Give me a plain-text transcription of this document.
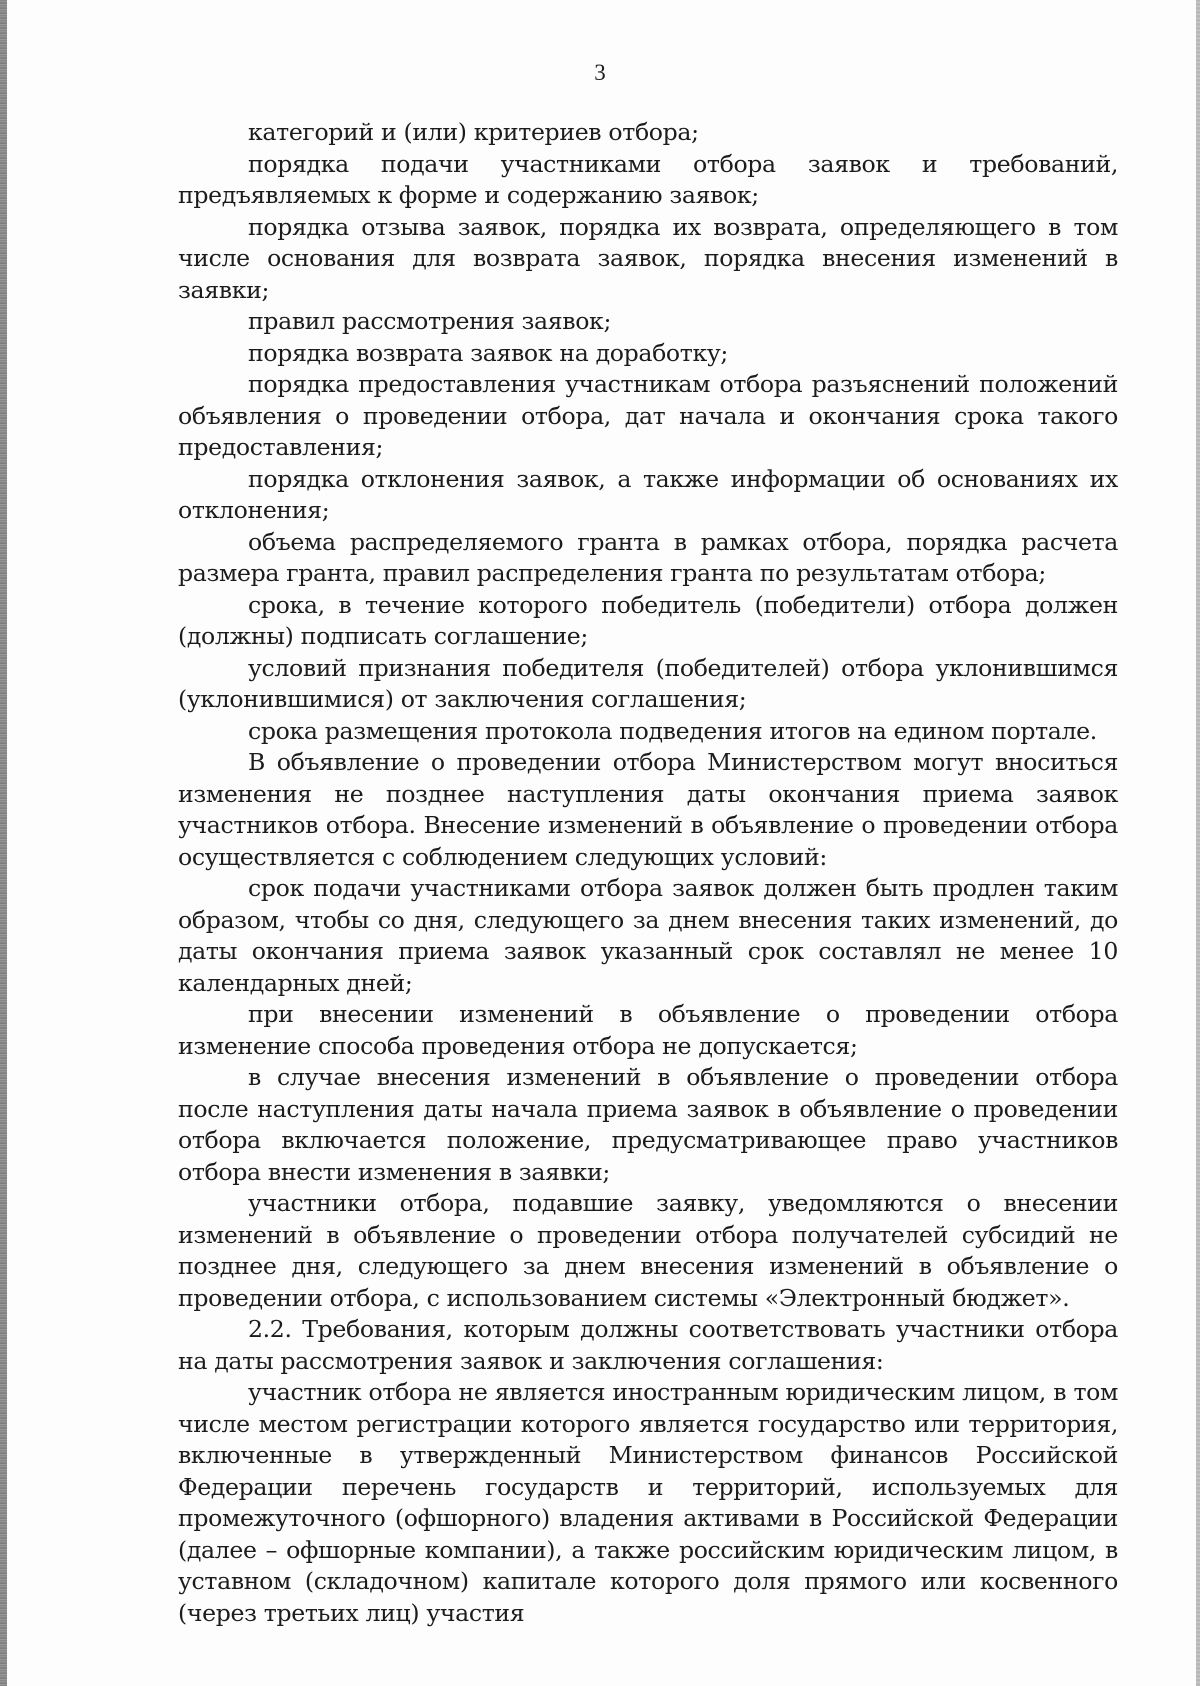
3

категорий и (или) критериев отбора;

порядка подачи участниками отбора заявок и требований, предъявляемых к форме и содержанию заявок;

порядка отзыва заявок, порядка их возврата, определяющего в том числе основания для возврата заявок, порядка внесения изменений в заявки;

правил рассмотрения заявок;

порядка возврата заявок на доработку;

порядка предоставления участникам отбора разъяснений положений объявления о проведении отбора, дат начала и окончания срока такого предоставления;

порядка отклонения заявок, а также информации об основаниях их отклонения;

объема распределяемого гранта в рамках отбора, порядка расчета размера гранта, правил распределения гранта по результатам отбора;

срока, в течение которого победитель (победители) отбора должен (должны) подписать соглашение;

условий признания победителя (победителей) отбора уклонившимся (уклонившимися) от заключения соглашения;

срока размещения протокола подведения итогов на едином портале.

В объявление о проведении отбора Министерством могут вноситься изменения не позднее наступления даты окончания приема заявок участников отбора. Внесение изменений в объявление о проведении отбора осуществляется с соблюдением следующих условий:

срок подачи участниками отбора заявок должен быть продлен таким образом, чтобы со дня, следующего за днем внесения таких изменений, до даты окончания приема заявок указанный срок составлял не менее 10 календарных дней;

при внесении изменений в объявление о проведении отбора изменение способа проведения отбора не допускается;

в случае внесения изменений в объявление о проведении отбора после наступления даты начала приема заявок в объявление о проведении отбора включается положение, предусматривающее право участников отбора внести изменения в заявки;

участники отбора, подавшие заявку, уведомляются о внесении изменений в объявление о проведении отбора получателей субсидий не позднее дня, следующего за днем внесения изменений в объявление о проведении отбора, с использованием системы «Электронный бюджет».

2.2. Требования, которым должны соответствовать участники отбора на даты рассмотрения заявок и заключения соглашения:

участник отбора не является иностранным юридическим лицом, в том числе местом регистрации которого является государство или территория, включенные в утвержденный Министерством финансов Российской Федерации перечень государств и территорий, используемых для промежуточного (офшорного) владения активами в Российской Федерации (далее – офшорные компании), а также российским юридическим лицом, в уставном (складочном) капитале которого доля прямого или косвенного (через третьих лиц) участия
